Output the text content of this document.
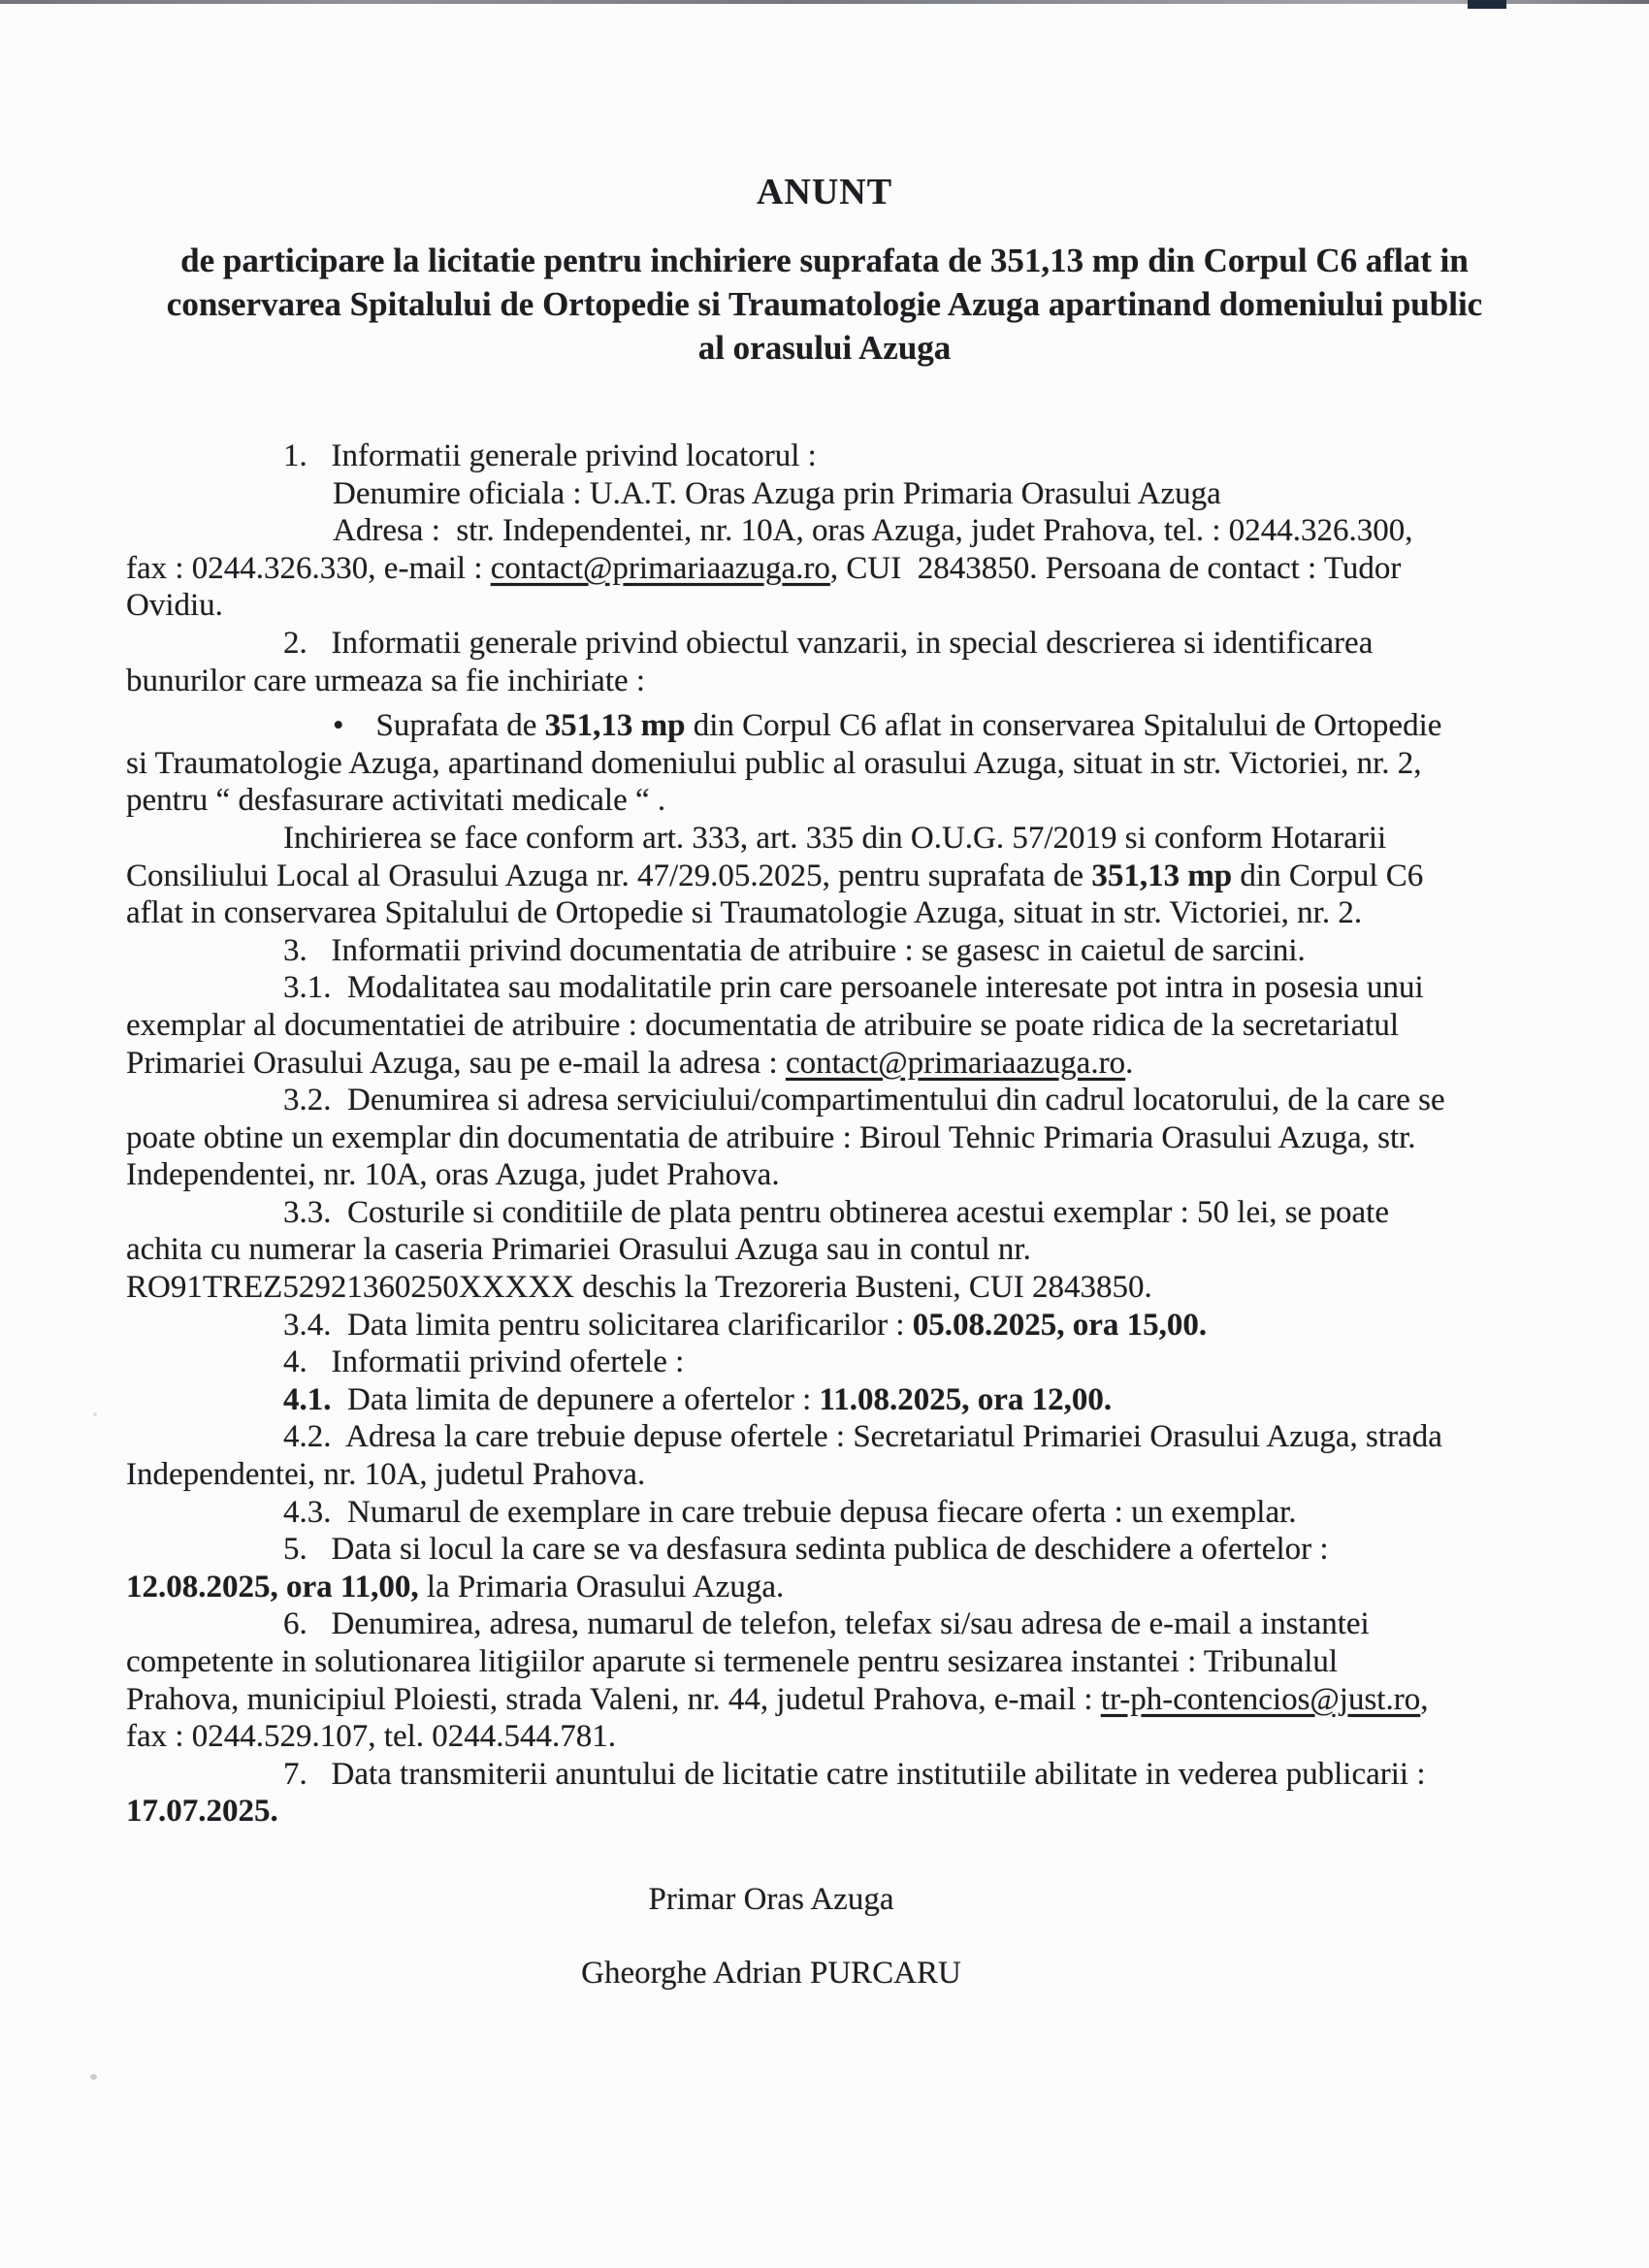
ANUNT
de participare la licitatie pentru inchiriere suprafata de 351,13 mp din Corpul C6 aflat in conservarea Spitalului de Ortopedie si Traumatologie Azuga apartinand domeniului public al orasului Azuga

1.   Informatii generale privind locatorul :

Denumire oficiala : U.A.T. Oras Azuga prin Primaria Orasului Azuga

Adresa :  str. Independentei, nr. 10A, oras Azuga, judet Prahova, tel. : 0244.326.300, fax : 0244.326.330, e-mail : contact@primariaazuga.ro, CUI  2843850. Persoana de contact : Tudor Ovidiu.

2.   Informatii generale privind obiectul vanzarii, in special descrierea si identificarea bunurilor care urmeaza sa fie inchiriate :

•    Suprafata de 351,13 mp din Corpul C6 aflat in conservarea Spitalului de Ortopedie si Traumatologie Azuga, apartinand domeniului public al orasului Azuga, situat in str. Victoriei, nr. 2, pentru “ desfasurare activitati medicale “ .

Inchirierea se face conform art. 333, art. 335 din O.U.G. 57/2019 si conform Hotararii Consiliului Local al Orasului Azuga nr. 47/29.05.2025, pentru suprafata de 351,13 mp din Corpul C6 aflat in conservarea Spitalului de Ortopedie si Traumatologie Azuga, situat in str. Victoriei, nr. 2.

3.   Informatii privind documentatia de atribuire : se gasesc in caietul de sarcini.

3.1.  Modalitatea sau modalitatile prin care persoanele interesate pot intra in posesia unui exemplar al documentatiei de atribuire : documentatia de atribuire se poate ridica de la secretariatul Primariei Orasului Azuga, sau pe e-mail la adresa : contact@primariaazuga.ro.

3.2.  Denumirea si adresa serviciului/compartimentului din cadrul locatorului, de la care se poate obtine un exemplar din documentatia de atribuire : Biroul Tehnic Primaria Orasului Azuga, str. Independentei, nr. 10A, oras Azuga, judet Prahova.

3.3.  Costurile si conditiile de plata pentru obtinerea acestui exemplar : 50 lei, se poate achita cu numerar la caseria Primariei Orasului Azuga sau in contul nr. RO91TREZ52921360250XXXXX deschis la Trezoreria Busteni, CUI 2843850.

3.4.  Data limita pentru solicitarea clarificarilor : 05.08.2025, ora 15,00.

4.   Informatii privind ofertele :

4.1.  Data limita de depunere a ofertelor : 11.08.2025, ora 12,00.

4.2.  Adresa la care trebuie depuse ofertele : Secretariatul Primariei Orasului Azuga, strada Independentei, nr. 10A, judetul Prahova.

4.3.  Numarul de exemplare in care trebuie depusa fiecare oferta : un exemplar.

5.   Data si locul la care se va desfasura sedinta publica de deschidere a ofertelor : 12.08.2025, ora 11,00, la Primaria Orasului Azuga.

6.   Denumirea, adresa, numarul de telefon, telefax si/sau adresa de e-mail a instantei competente in solutionarea litigiilor aparute si termenele pentru sesizarea instantei : Tribunalul Prahova, municipiul Ploiesti, strada Valeni, nr. 44, judetul Prahova, e-mail : tr-ph-contencios@just.ro, fax : 0244.529.107, tel. 0244.544.781.

7.   Data transmiterii anuntului de licitatie catre institutiile abilitate in vederea publicarii : 17.07.2025.

Primar Oras Azuga
Gheorghe Adrian PURCARU
